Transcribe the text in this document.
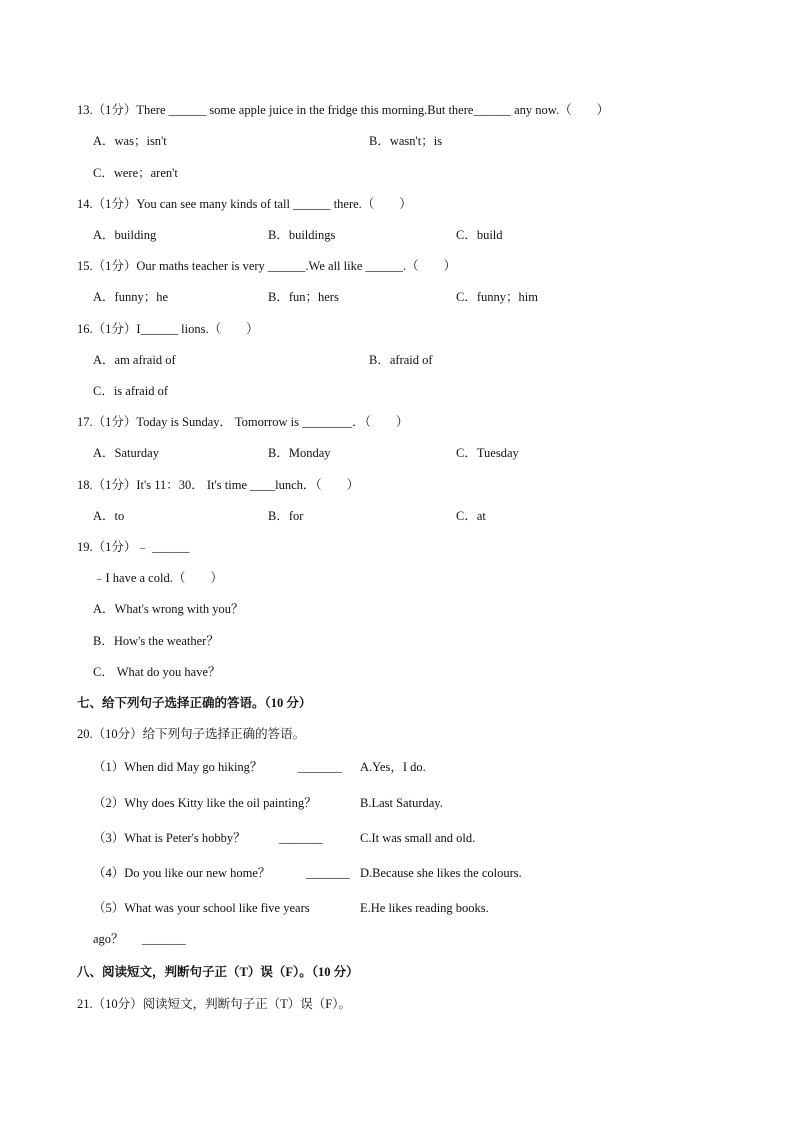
13.（1分）There ______ some apple juice in the fridge this morning.But there______ any now.（　　）
A．was；isn't	B．wasn't；is
C．were；aren't
14.（1分）You can see many kinds of tall ______ there.（　　）
A．building	B．buildings	C．build
15.（1分）Our maths teacher is very ______.We all like ______.（　　）
A．funny；he	B．fun；hers	C．funny；him
16.（1分）I______ lions.（　　）
A．am afraid of	B．afraid of
C．is afraid of
17.（1分）Today is Sunday． Tomorrow is ________．（　　）
A．Saturday	B．Monday	C．Tuesday
18.（1分）It's 11：30． It's time ____lunch．（　　）
A．to	B．for	C．at
19.（1分）﹣ ______
﹣I have a cold.（　　）
A．What's wrong with you？
B．How's the weather？
C． What do you have？
七、给下列句子选择正确的答语。（10 分）
20.（10分）给下列句子选择正确的答语。
（1）When did May go hiking？	_______ A.Yes，I do.
（2）Why does Kitty like the oil painting？	B.Last Saturday.
（3）What is Peter's hobby？	_______	C.It was small and old.
（4）Do you like our new home？	_______ D.Because she likes the colours.
（5）What was your school like five years	E.He likes reading books.
ago？ _______
八、阅读短文，判断句子正（T）误（F）。（10 分）
21.（10分）阅读短文，判断句子正（T）误（F）。
